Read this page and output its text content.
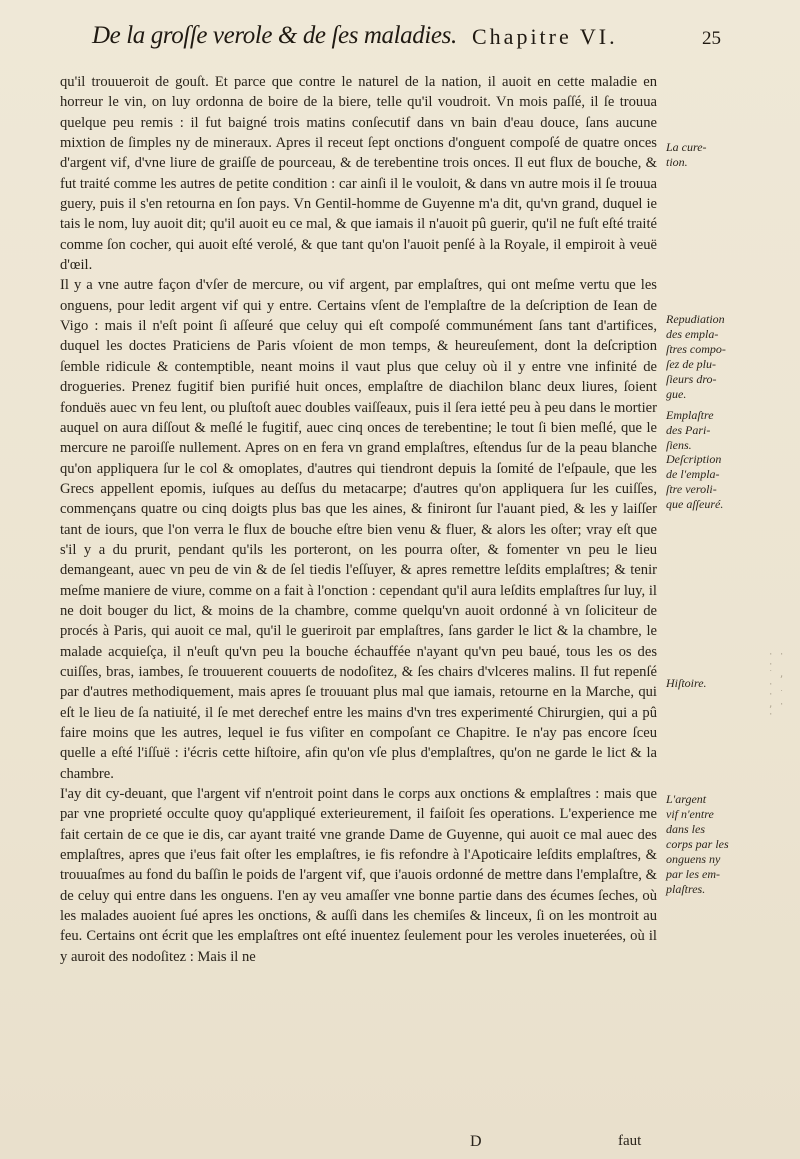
De la groſſe verole & de ſes maladies. Chapitre VI.	25

qu'il trouueroit de gouſt. Et parce que contre le naturel de la nation, il auoit en cette maladie en horreur le vin, on luy ordonna de boire de la biere, telle qu'il voudroit. Vn mois paſſé, il ſe trouua quelque peu remis : il fut baigné trois matins conſecutif dans vn bain d'eau douce, ſans aucune mixtion de ſimples ny de mineraux. Apres il receut ſept onctions d'onguent compoſé de quatre onces d'argent vif, d'vne liure de graiſſe de pourceau, & de terebentine trois onces. Il eut flux de bouche, & fut traité comme les autres de petite condition : car ainſi il le vouloit, & dans vn autre mois il ſe trouua guery, puis il s'en retourna en ſon pays. Vn Gentil-homme de Guyenne m'a dit, qu'vn grand, duquel ie tais le nom, luy auoit dit; qu'il auoit eu ce mal, & que iamais il n'auoit pû guerir, qu'il ne fuſt eſté traité comme ſon cocher, qui auoit eſté verolé, & que tant qu'on l'auoit penſé à la Royale, il empiroit à veuë d'œil.

Il y a vne autre façon d'vſer de mercure, ou vif argent, par emplaſtres, qui ont meſme vertu que les onguens, pour ledit argent vif qui y entre. Certains vſent de l'emplaſtre de la deſcription de Iean de Vigo : mais il n'eſt point ſi aſſeuré que celuy qui eſt compoſé communément ſans tant d'artifices, duquel les doctes Praticiens de Paris vſoient de mon temps, & heureuſement, dont la deſcription ſemble ridicule & contemptible, neant moins il vaut plus que celuy où il y entre vne infinité de drogueries. Prenez fugitif bien purifié huit onces, emplaſtre de diachilon blanc deux liures, ſoient fonduës auec vn feu lent, ou pluſtoſt auec doubles vaiſſeaux, puis il ſera ietté peu à peu dans le mortier auquel on aura diſſout & meſlé le fugitif, auec cinq onces de terebentine; le tout ſi bien meſlé, que le mercure ne paroiſſe nullement. Apres on en fera vn grand emplaſtres, eſtendus ſur de la peau blanche qu'on appliquera ſur le col & omoplates, d'autres qui tiendront depuis la ſomité de l'eſpaule, que les Grecs appellent epomis, iuſques au deſſus du metacarpe; d'autres qu'on appliquera ſur les cuiſſes, commençans quatre ou cinq doigts plus bas que les aines, & finiront ſur l'auant pied, & les y laiſſer tant de iours, que l'on verra le flux de bouche eſtre bien venu & fluer, & alors les oſter; vray eſt que s'il y a du prurit, pendant qu'ils les porteront, on les pourra oſter, & fomenter vn peu le lieu demangeant, auec vn peu de vin & de ſel tiedis l'eſſuyer, & apres remettre leſdits emplaſtres; & tenir meſme maniere de viure, comme on a fait à l'onction : cependant qu'il aura leſdits emplaſtres ſur luy, il ne doit bouger du lict, & moins de la chambre, comme quelqu'vn auoit ordonné à vn ſoliciteur de procés à Paris, qui auoit ce mal, qu'il le gueriroit par emplaſtres, ſans garder le lict & la chambre, le malade acquieſça, il n'euſt qu'vn peu la bouche échauffée n'ayant qu'vn peu baué, tous les os des cuiſſes, bras, iambes, ſe trouuerent couuerts de nodoſitez, & ſes chairs d'vlceres malins. Il fut repenſé par d'autres methodiquement, mais apres ſe trouuant plus mal que iamais, retourne en la Marche, qui eſt le lieu de ſa natiuité, il ſe met derechef entre les mains d'vn tres experimenté Chirurgien, qui a pû faire moins que les autres, lequel ie fus viſiter en compoſant ce Chapitre. Ie n'ay pas encore ſceu quelle a eſté l'iſſuë : i'écris cette hiſtoire, afin qu'on vſe plus d'emplaſtres, qu'on ne garde le lict & la chambre.

I'ay dit cy-deuant, que l'argent vif n'entroit point dans le corps aux onctions & emplaſtres : mais que par vne proprieté occulte quoy qu'appliqué exterieurement, il faiſoit ſes operations. L'experience me fait certain de ce que ie dis, car ayant traité vne grande Dame de Guyenne, qui auoit ce mal auec des emplaſtres, apres que i'eus fait oſter les emplaſtres, ie fis refondre à l'Apoticaire leſdits emplaſtres, & trouuaſmes au fond du baſſin le poids de l'argent vif, que i'auois ordonné de mettre dans l'emplaſtre, & de celuy qui entre dans les onguens. I'en ay veu amaſſer vne bonne partie dans des écumes ſeches, où les malades auoient ſué apres les onctions, & auſſi dans les chemiſes & linceux, ſi on les montroit au feu. Certains ont écrit que les emplaſtres ont eſté inuentez ſeulement pour les veroles inueterées, où il y auroit des nodoſitez : Mais il ne

La cure-
tion.
Repudiation
des empla-
ſtres compo-
ſez de plu-
ſieurs dro-
gue.
Emplaſtre
des Pari-
ſiens.
Deſcription
de l'empla-
ſtre veroli-
que aſſeuré.
Hiſtoire.
L'argent
vif n'entre
dans les
corps par les
onguens ny
par les em-
plaſtres.
D	faut
· · ·
˙ ‚ ·
· ˙
‚ · ·
